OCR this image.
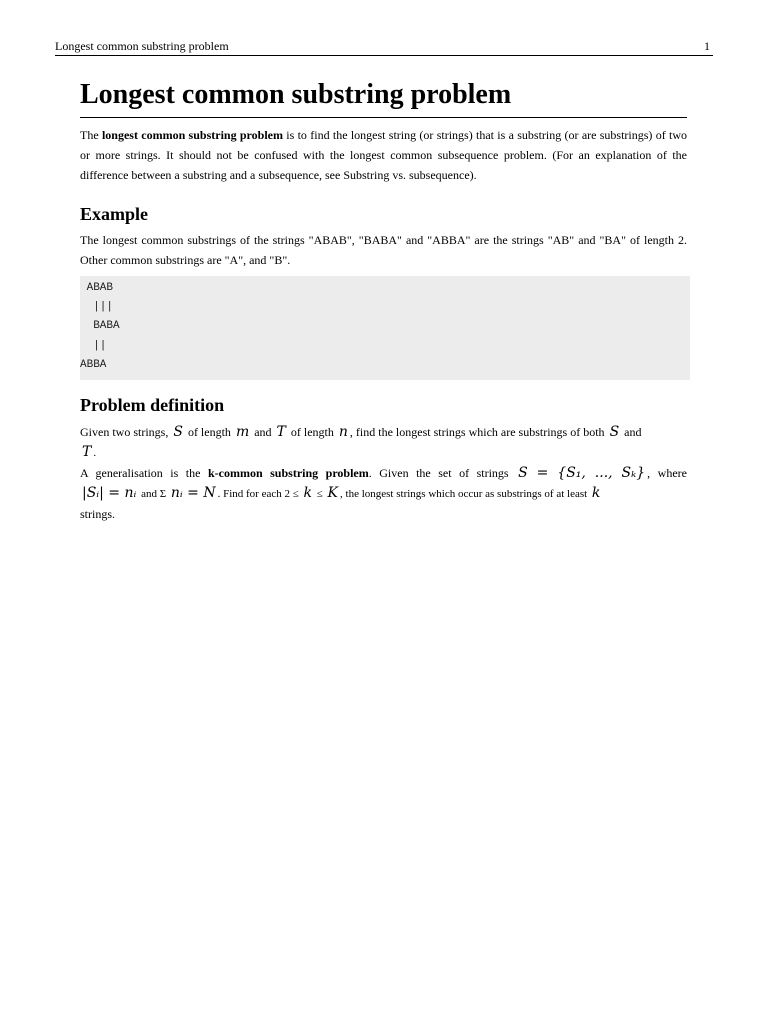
Longest common substring problem	1
Longest common substring problem

The longest common substring problem is to find the longest string (or strings) that is a substring (or are substrings) of two or more strings. It should not be confused with the longest common subsequence problem. (For an explanation of the difference between a substring and a subsequence, see Substring vs. subsequence).

Example

The longest common substrings of the strings "ABAB", "BABA" and "ABBA" are the strings "AB" and "BA" of length 2. Other common substrings are "A", and "B".

ABAB
|||
BABA
||
ABBA
Problem definition

Given two strings, S of length m and T of length n , find the longest strings which are substrings of both S and
T .

A generalisation is the k-common substring problem. Given the set of strings S = {S₁, ..., Sₖ} , where

|Sᵢ| = nᵢ and Σ nᵢ = N . Find for each 2 ≤ k ≤ K , the longest strings which occur as substrings of at least k
strings.
